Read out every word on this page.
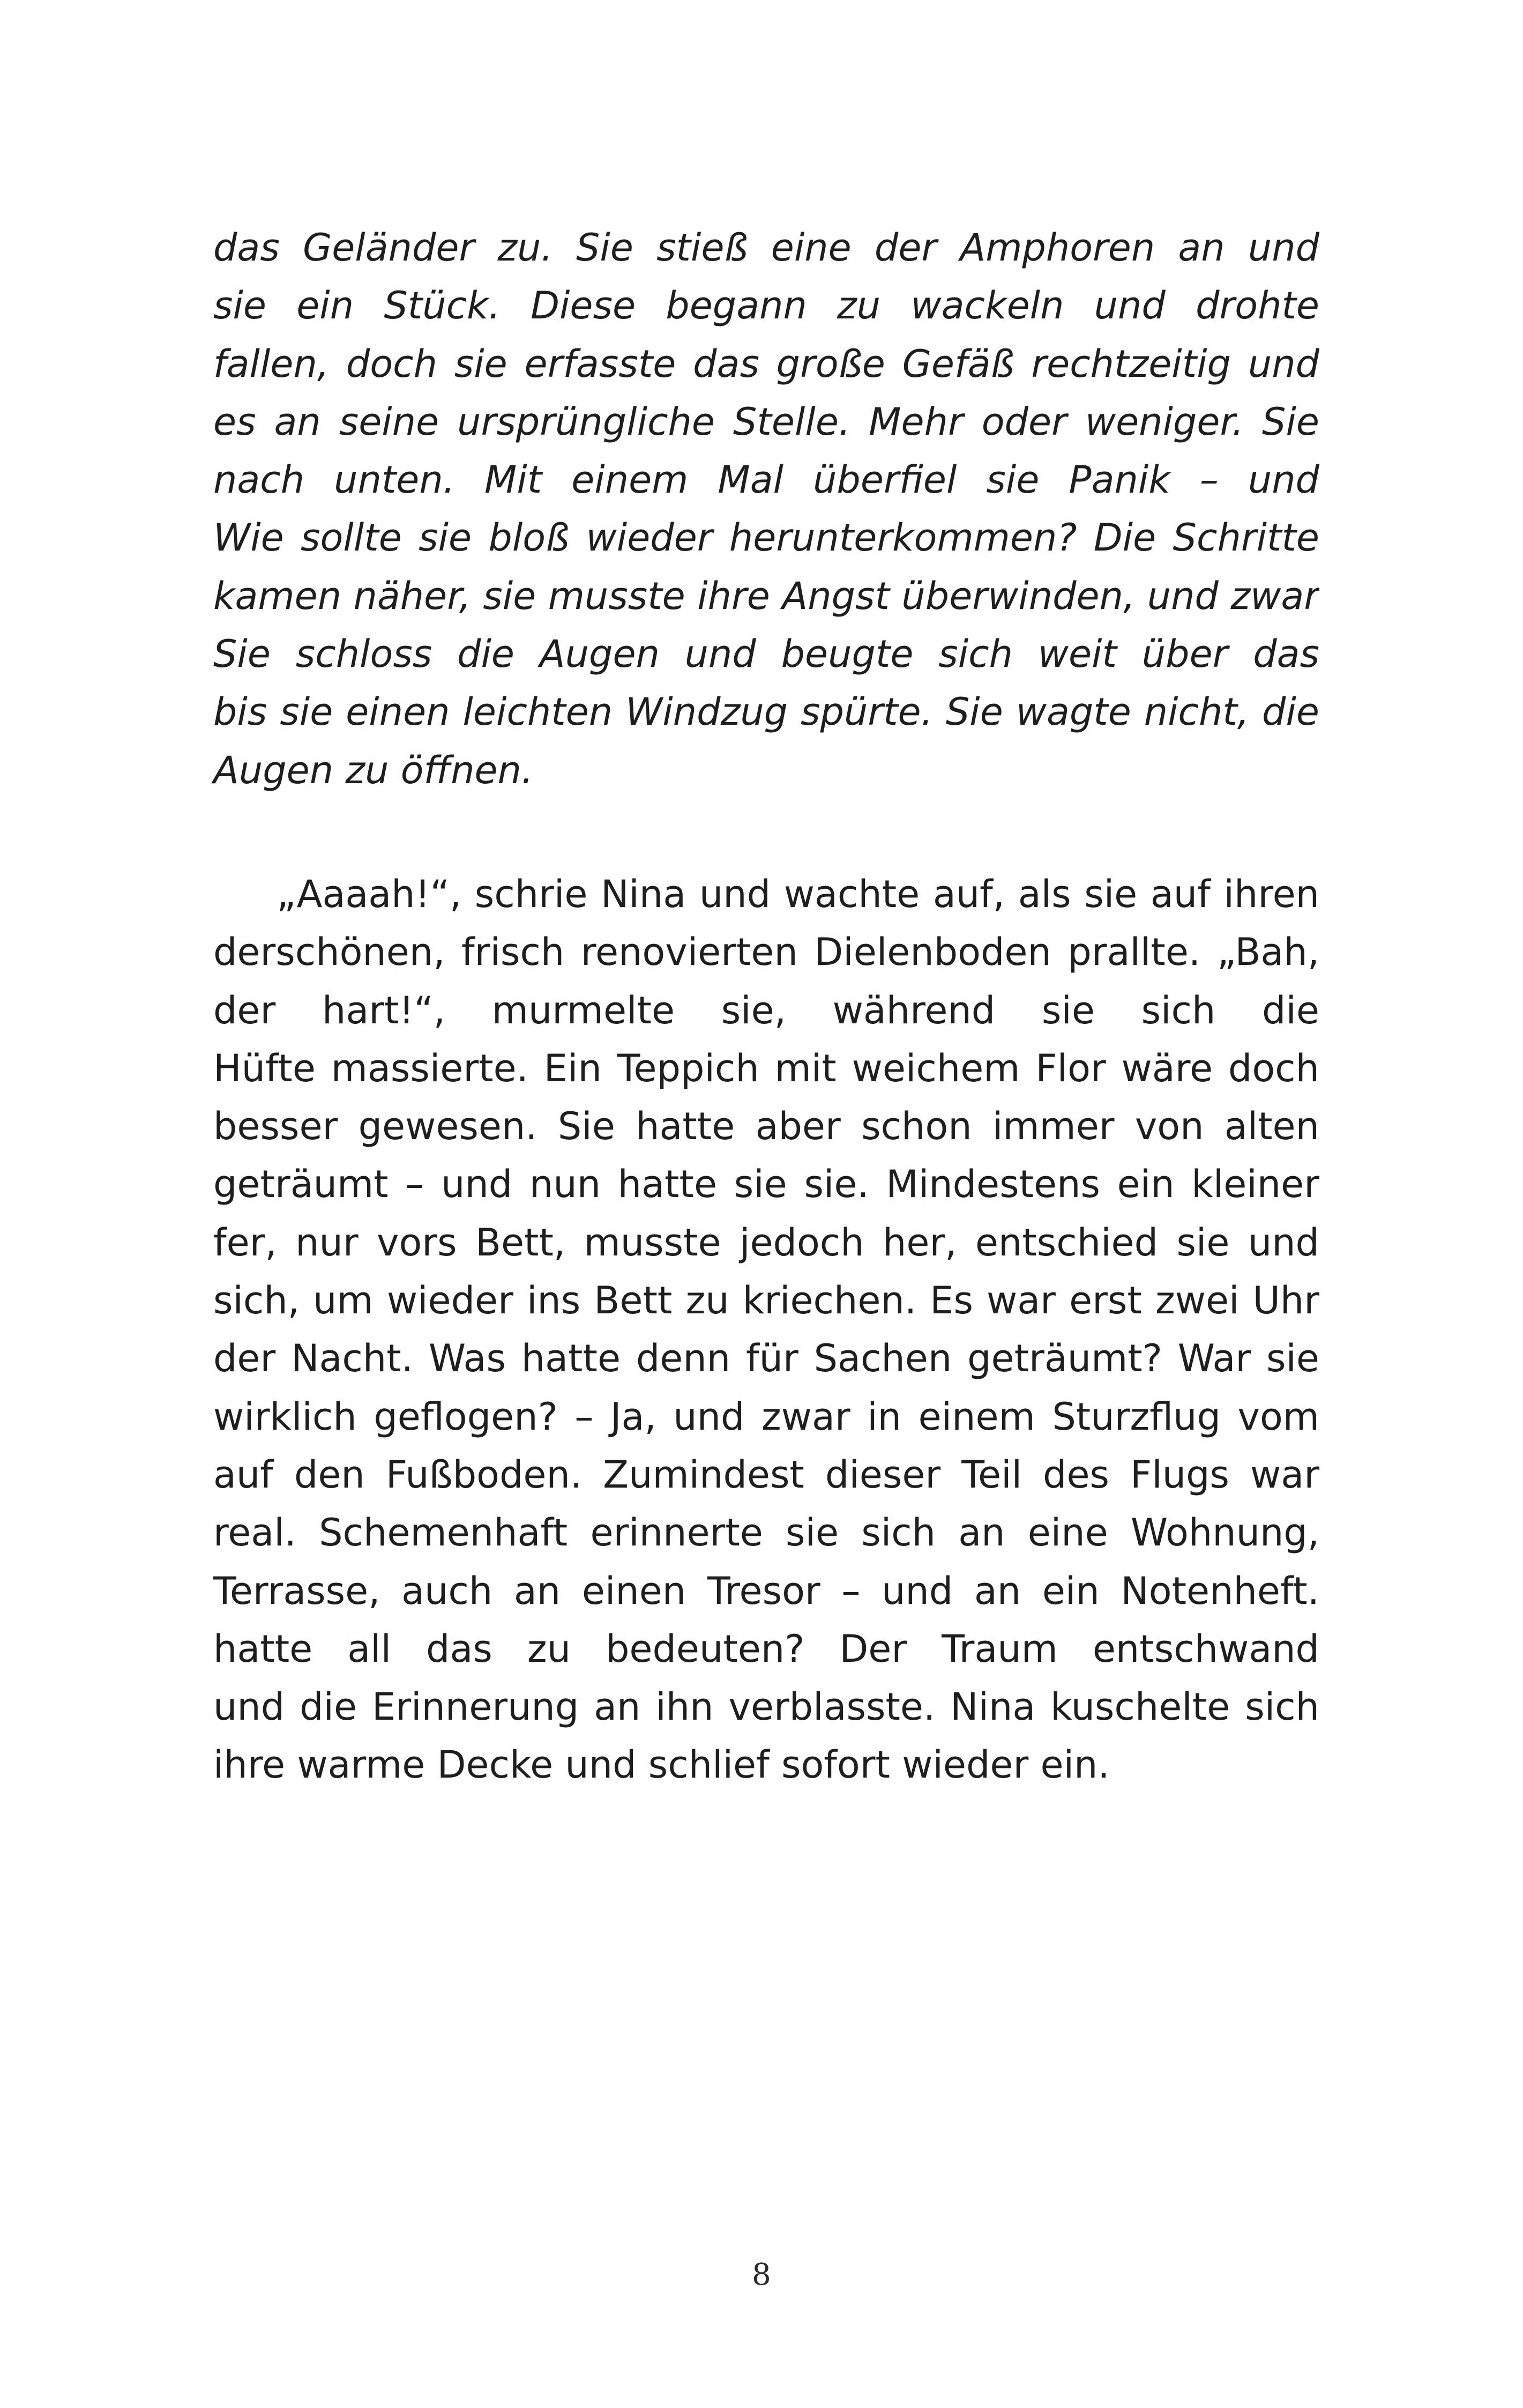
das Geländer zu. Sie stieß eine der Amphoren an und
sie ein Stück. Diese begann zu wackeln und drohte
fallen, doch sie erfasste das große Gefäß rechtzeitig und
es an seine ursprüngliche Stelle. Mehr oder weniger. Sie
nach unten. Mit einem Mal überfiel sie Panik – und
Wie sollte sie bloß wieder herunterkommen? Die Schritte
kamen näher, sie musste ihre Angst überwinden, und zwar
Sie schloss die Augen und beugte sich weit über das
bis sie einen leichten Windzug spürte. Sie wagte nicht, die
Augen zu öffnen.
„Aaaah!“, schrie Nina und wachte auf, als sie auf ihren
derschönen, frisch renovierten Dielenboden prallte. „Bah,
der hart!“, murmelte sie, während sie sich die
Hüfte massierte. Ein Teppich mit weichem Flor wäre doch
besser gewesen. Sie hatte aber schon immer von alten
geträumt – und nun hatte sie sie. Mindestens ein kleiner
fer, nur vors Bett, musste jedoch her, entschied sie und
sich, um wieder ins Bett zu kriechen. Es war erst zwei Uhr
der Nacht. Was hatte denn für Sachen geträumt? War sie
wirklich geflogen? – Ja, und zwar in einem Sturzflug vom
auf den Fußboden. Zumindest dieser Teil des Flugs war
real. Schemenhaft erinnerte sie sich an eine Wohnung,
Terrasse, auch an einen Tresor – und an ein Notenheft.
hatte all das zu bedeuten? Der Traum entschwand
und die Erinnerung an ihn verblasste. Nina kuschelte sich
ihre warme Decke und schlief sofort wieder ein.
8
